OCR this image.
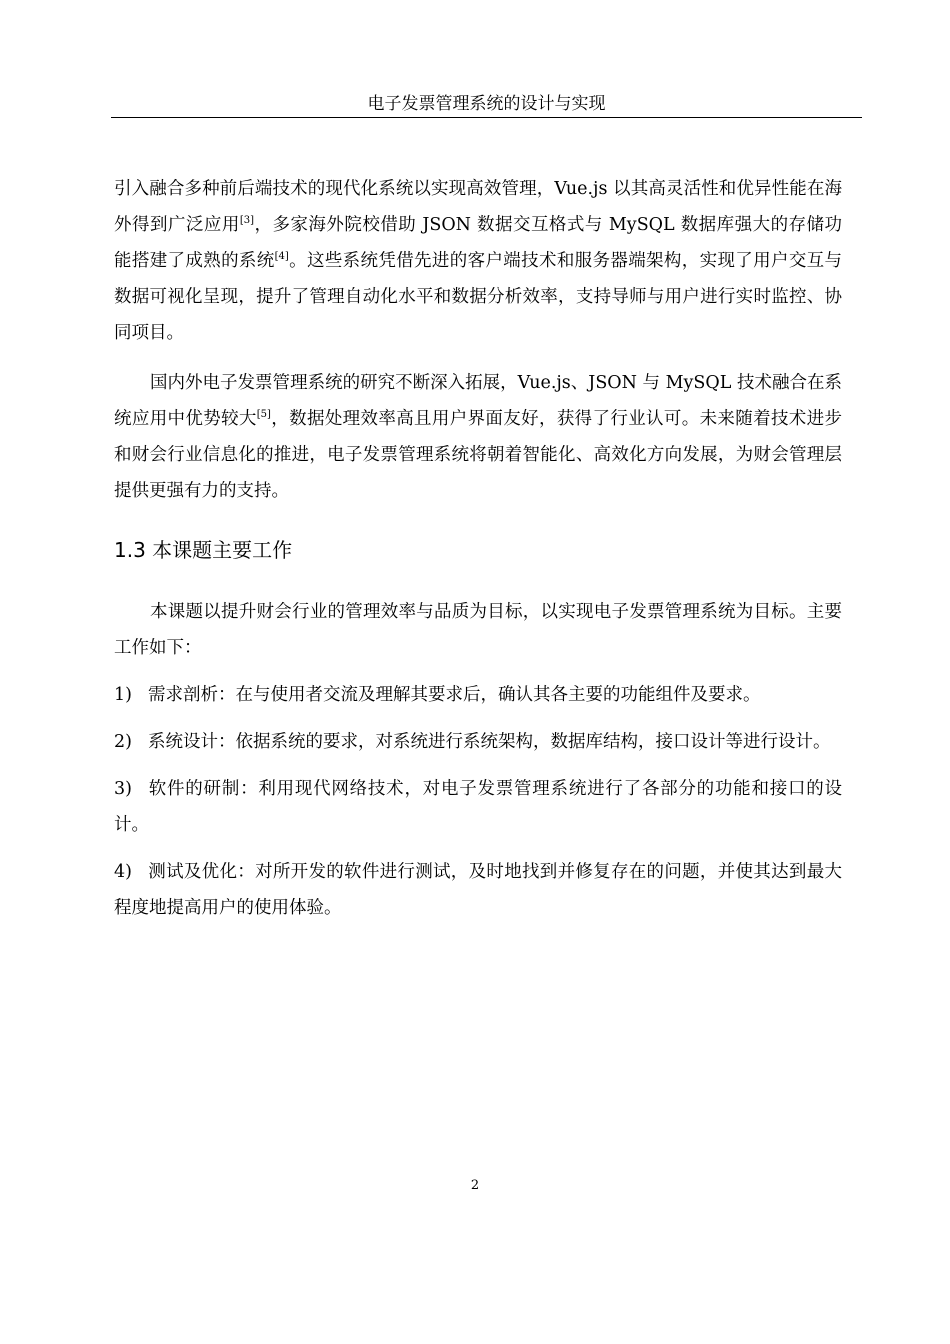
电子发票管理系统的设计与实现

引入融合多种前后端技术的现代化系统以实现高效管理，Vue.js 以其高灵活性和优异性能在海外得到广泛应用[3]，多家海外院校借助 JSON 数据交互格式与 MySQL 数据库强大的存储功能搭建了成熟的系统[4]。这些系统凭借先进的客户端技术和服务器端架构，实现了用户交互与数据可视化呈现，提升了管理自动化水平和数据分析效率，支持导师与用户进行实时监控、协同项目。

国内外电子发票管理系统的研究不断深入拓展，Vue.js、JSON 与 MySQL 技术融合在系统应用中优势较大[5]，数据处理效率高且用户界面友好，获得了行业认可。未来随着技术进步和财会行业信息化的推进，电子发票管理系统将朝着智能化、高效化方向发展，为财会管理层提供更强有力的支持。

1.3 本课题主要工作

本课题以提升财会行业的管理效率与品质为目标，以实现电子发票管理系统为目标。主要工作如下：

1) 需求剖析：在与使用者交流及理解其要求后，确认其各主要的功能组件及要求。

2) 系统设计：依据系统的要求，对系统进行系统架构，数据库结构，接口设计等进行设计。

3) 软件的研制：利用现代网络技术，对电子发票管理系统进行了各部分的功能和接口的设计。

4) 测试及优化：对所开发的软件进行测试，及时地找到并修复存在的问题，并使其达到最大程度地提高用户的使用体验。

2
